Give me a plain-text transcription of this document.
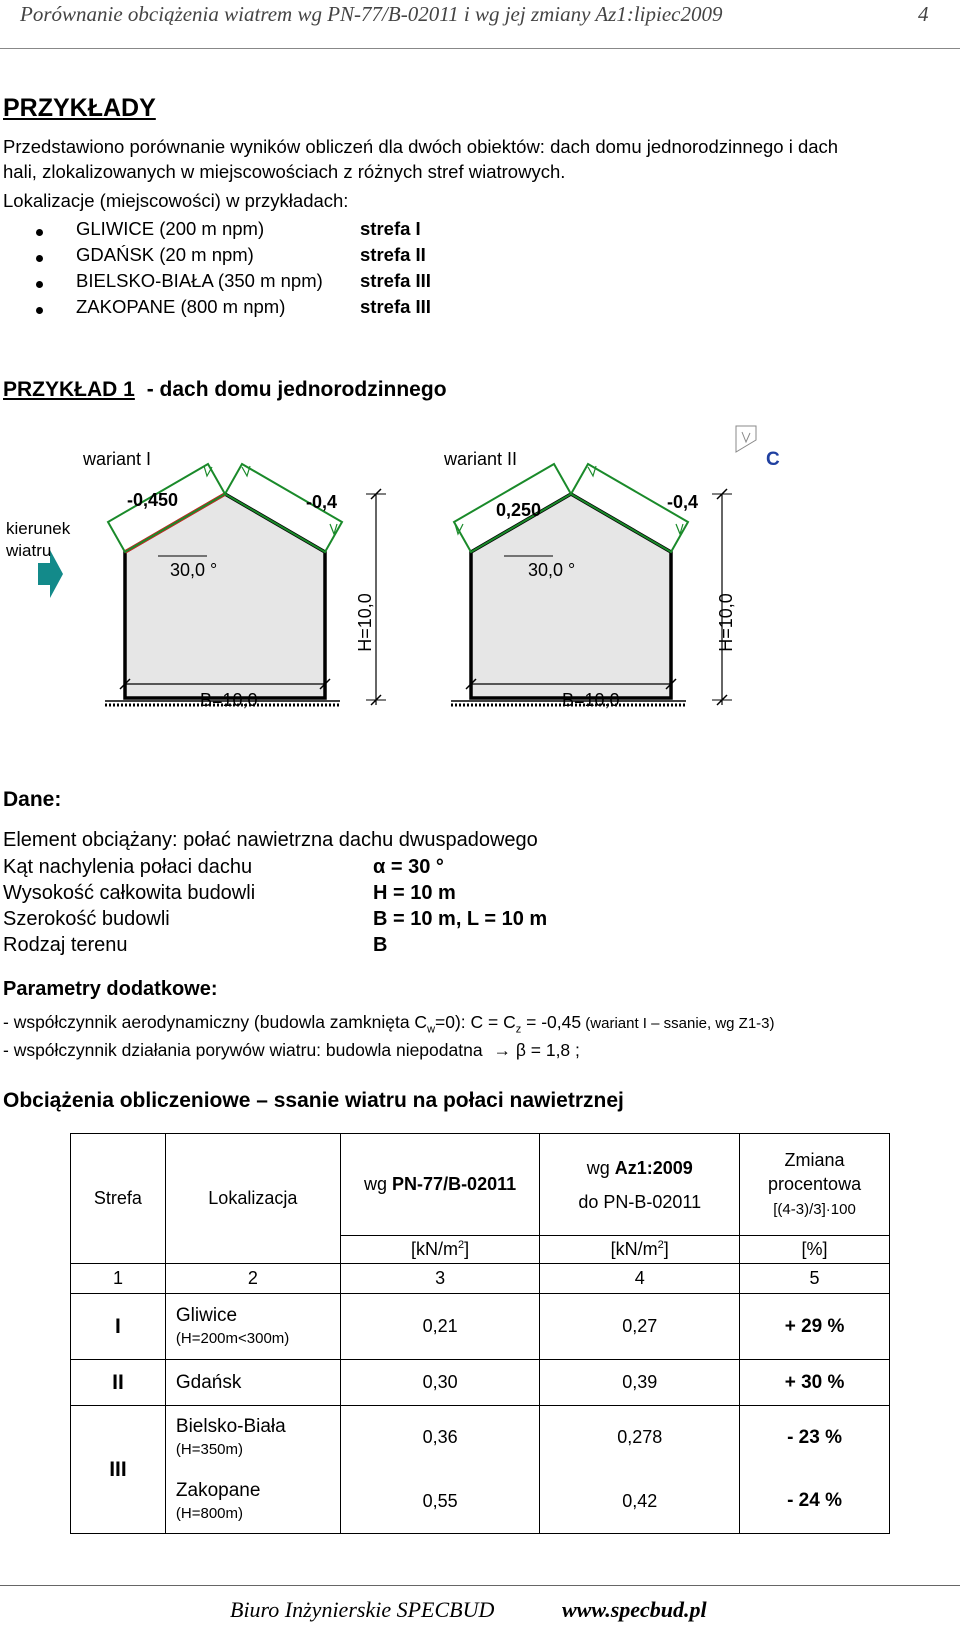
Porównanie obciążenia wiatrem wg PN-77/B-02011 i wg jej zmiany Az1:lipiec2009	4
PRZYKŁADY
Przedstawiono porównanie wyników obliczeń dla dwóch obiektów: dach domu jednorodzinnego i dach
hali, zlokalizowanych w miejscowościach z różnych stref wiatrowych.
Lokalizacje (miejscowości) w przykładach:
GLIWICE (200 m npm)	strefa I
GDAŃSK (20 m npm)	strefa II
BIELSKO-BIAŁA (350 m npm) strefa III
ZAKOPANE (800 m npm)	strefa III
PRZYKŁAD 1 - dach domu jednorodzinnego
wariant I	wariant II	C
kierunek
wiatru
-0,450	-0,4	0,250	-0,4
30,0 °	30,0 °
B=10,0	B=10,0
H=10,0	H=10,0
Dane:
Element obciążany: połać nawietrzna dachu dwuspadowego
Kąt nachylenia połaci dachu	α = 30 °
Wysokość całkowita budowli	H = 10 m
Szerokość budowli	B = 10 m, L = 10 m
Rodzaj terenu	B
Parametry dodatkowe:
- współczynnik aerodynamiczny (budowla zamknięta $C_w=0$): $C = C_z = -0,45$ (wariant I – ssanie, wg Z1-3)
- współczynnik działania porywów wiatru: budowla niepodatna → β = 1,8 ;
Obciążenia obliczeniowe – ssanie wiatru na połaci nawietrznej
Strefa	Lokalizacja	wg PN-77/B-02011	wg Az1:2009
do PN-B-02011	Zmiana
procentowa
[(4-3)/3]·100
		$[kN/m^2]$	$[kN/m^2]$	[%]
1	2	3	4	5
I	Gliwice
(H=200m<300m)	0,21	0,27	+ 29 %
II	Gdańsk	0,30	0,39	+ 30 %
III	Bielsko-Biała
(H=350m)	0,36	0,278	- 23 %
	Zakopane
(H=800m)	0,55	0,42	- 24 %
Biuro Inżynierskie SPECBUD	www.specbud.pl
